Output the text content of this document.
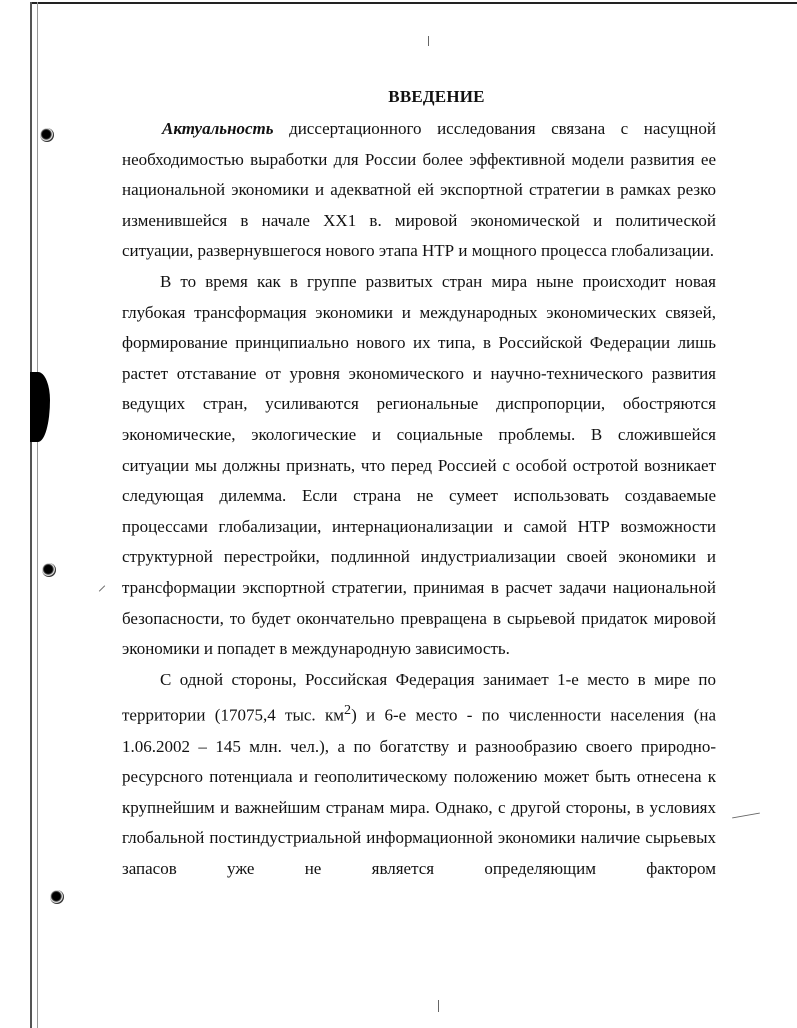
ВВЕДЕНИЕ

Актуальность диссертационного исследования связана с насущной необходимостью выработки для России более эффективной модели развития ее национальной экономики и адекватной ей экспортной стратегии в рамках резко изменившейся в начале XX1 в. мировой экономической и политической ситуации, развернувшегося нового этапа НТР и мощного процесса глобализации.

В то время как в группе развитых стран мира ныне происходит новая глубокая трансформация экономики и международных экономических связей, формирование принципиально нового их типа, в Российской Федерации лишь растет отставание от уровня экономического и научно-технического развития ведущих стран, усиливаются региональные диспропорции, обостряются экономические, экологические и социальные проблемы. В сложившейся ситуации мы должны признать, что перед Россией с особой остротой возникает следующая дилемма. Если страна не сумеет использовать создаваемые процессами глобализации, интернационализации и самой НТР возможности структурной перестройки, подлинной индустриализации своей экономики и трансформации экспортной стратегии, принимая в расчет задачи национальной безопасности, то будет окончательно превращена в сырьевой придаток мировой экономики и попадет в международную зависимость.

С одной стороны, Российская Федерация занимает 1-е место в мире по территории (17075,4 тыс. $км^2$) и 6-е место - по численности населения (на 1.06.2002 – 145 млн. чел.), а по богатству и разнообразию своего природно-ресурсного потенциала и геополитическому положению может быть отнесена к крупнейшим и важнейшим странам мира. Однако, с другой стороны, в условиях глобальной постиндустриальной информационной экономики наличие сырьевых запасов уже не является определяющим фактором
